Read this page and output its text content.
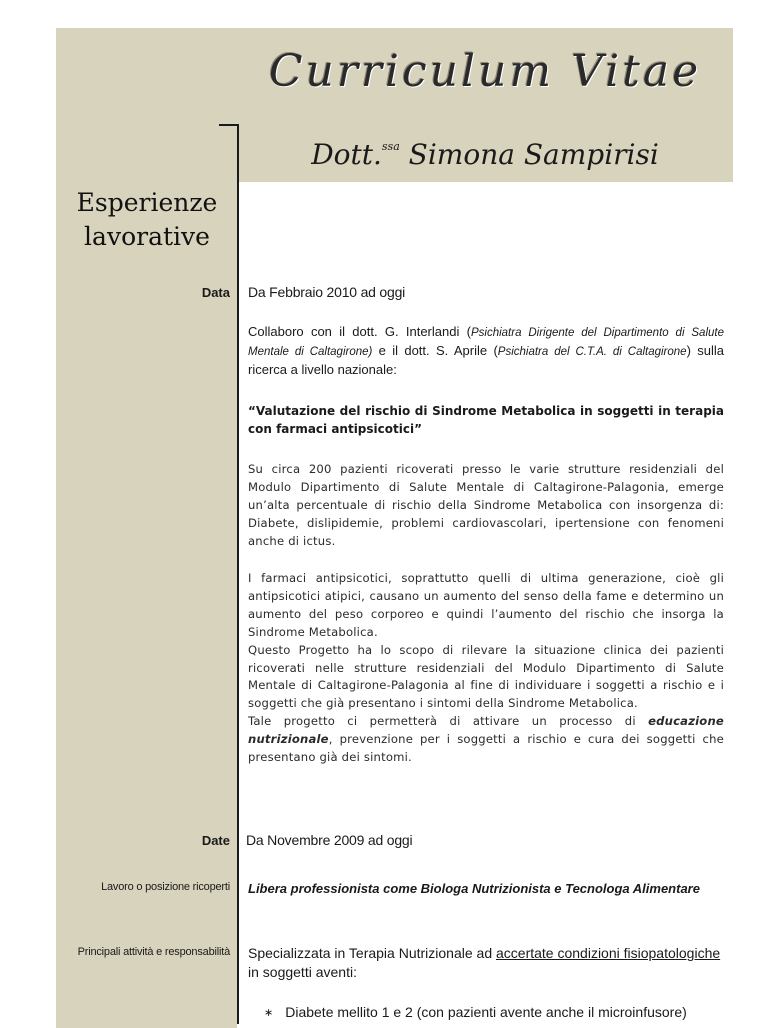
Curriculum Vitae
Dott.$^{ssa}$ Simona Sampirisi
Esperienze
lavorative
Data Da Febbraio 2010 ad oggi
Collaboro con il dott. G. Interlandi (Psichiatra Dirigente del Dipartimento di Salute Mentale di Caltagirone) e il dott. S. Aprile (Psichiatra del C.T.A. di Caltagirone) sulla ricerca a livello nazionale:
“Valutazione del rischio di Sindrome Metabolica in soggetti in terapia con farmaci antipsicotici”
Su circa 200 pazienti ricoverati presso le varie strutture residenziali del Modulo Dipartimento di Salute Mentale di Caltagirone-Palagonia, emerge un’alta percentuale di rischio della Sindrome Metabolica con insorgenza di: Diabete, dislipidemie, problemi cardiovascolari, ipertensione con fenomeni anche di ictus.
I farmaci antipsicotici, soprattutto quelli di ultima generazione, cioè gli antipsicotici atipici, causano un aumento del senso della fame e determino un aumento del peso corporeo e quindi l’aumento del rischio che insorga la Sindrome Metabolica.
Questo Progetto ha lo scopo di rilevare la situazione clinica dei pazienti ricoverati nelle strutture residenziali del Modulo Dipartimento di Salute Mentale di Caltagirone-Palagonia al fine di individuare i soggetti a rischio e i soggetti che già presentano i sintomi della Sindrome Metabolica.
Tale progetto ci permetterà di attivare un processo di educazione nutrizionale, prevenzione per i soggetti a rischio e cura dei soggetti che presentano già dei sintomi.
Date Da Novembre 2009 ad oggi
Lavoro o posizione ricoperti Libera professionista come Biologa Nutrizionista e Tecnologa Alimentare
Principali attività e responsabilità Specializzata in Terapia Nutrizionale ad accertate condizioni fisiopatologiche in soggetti aventi:
∗ Diabete mellito 1 e 2 (con pazienti avente anche il microinfusore)
